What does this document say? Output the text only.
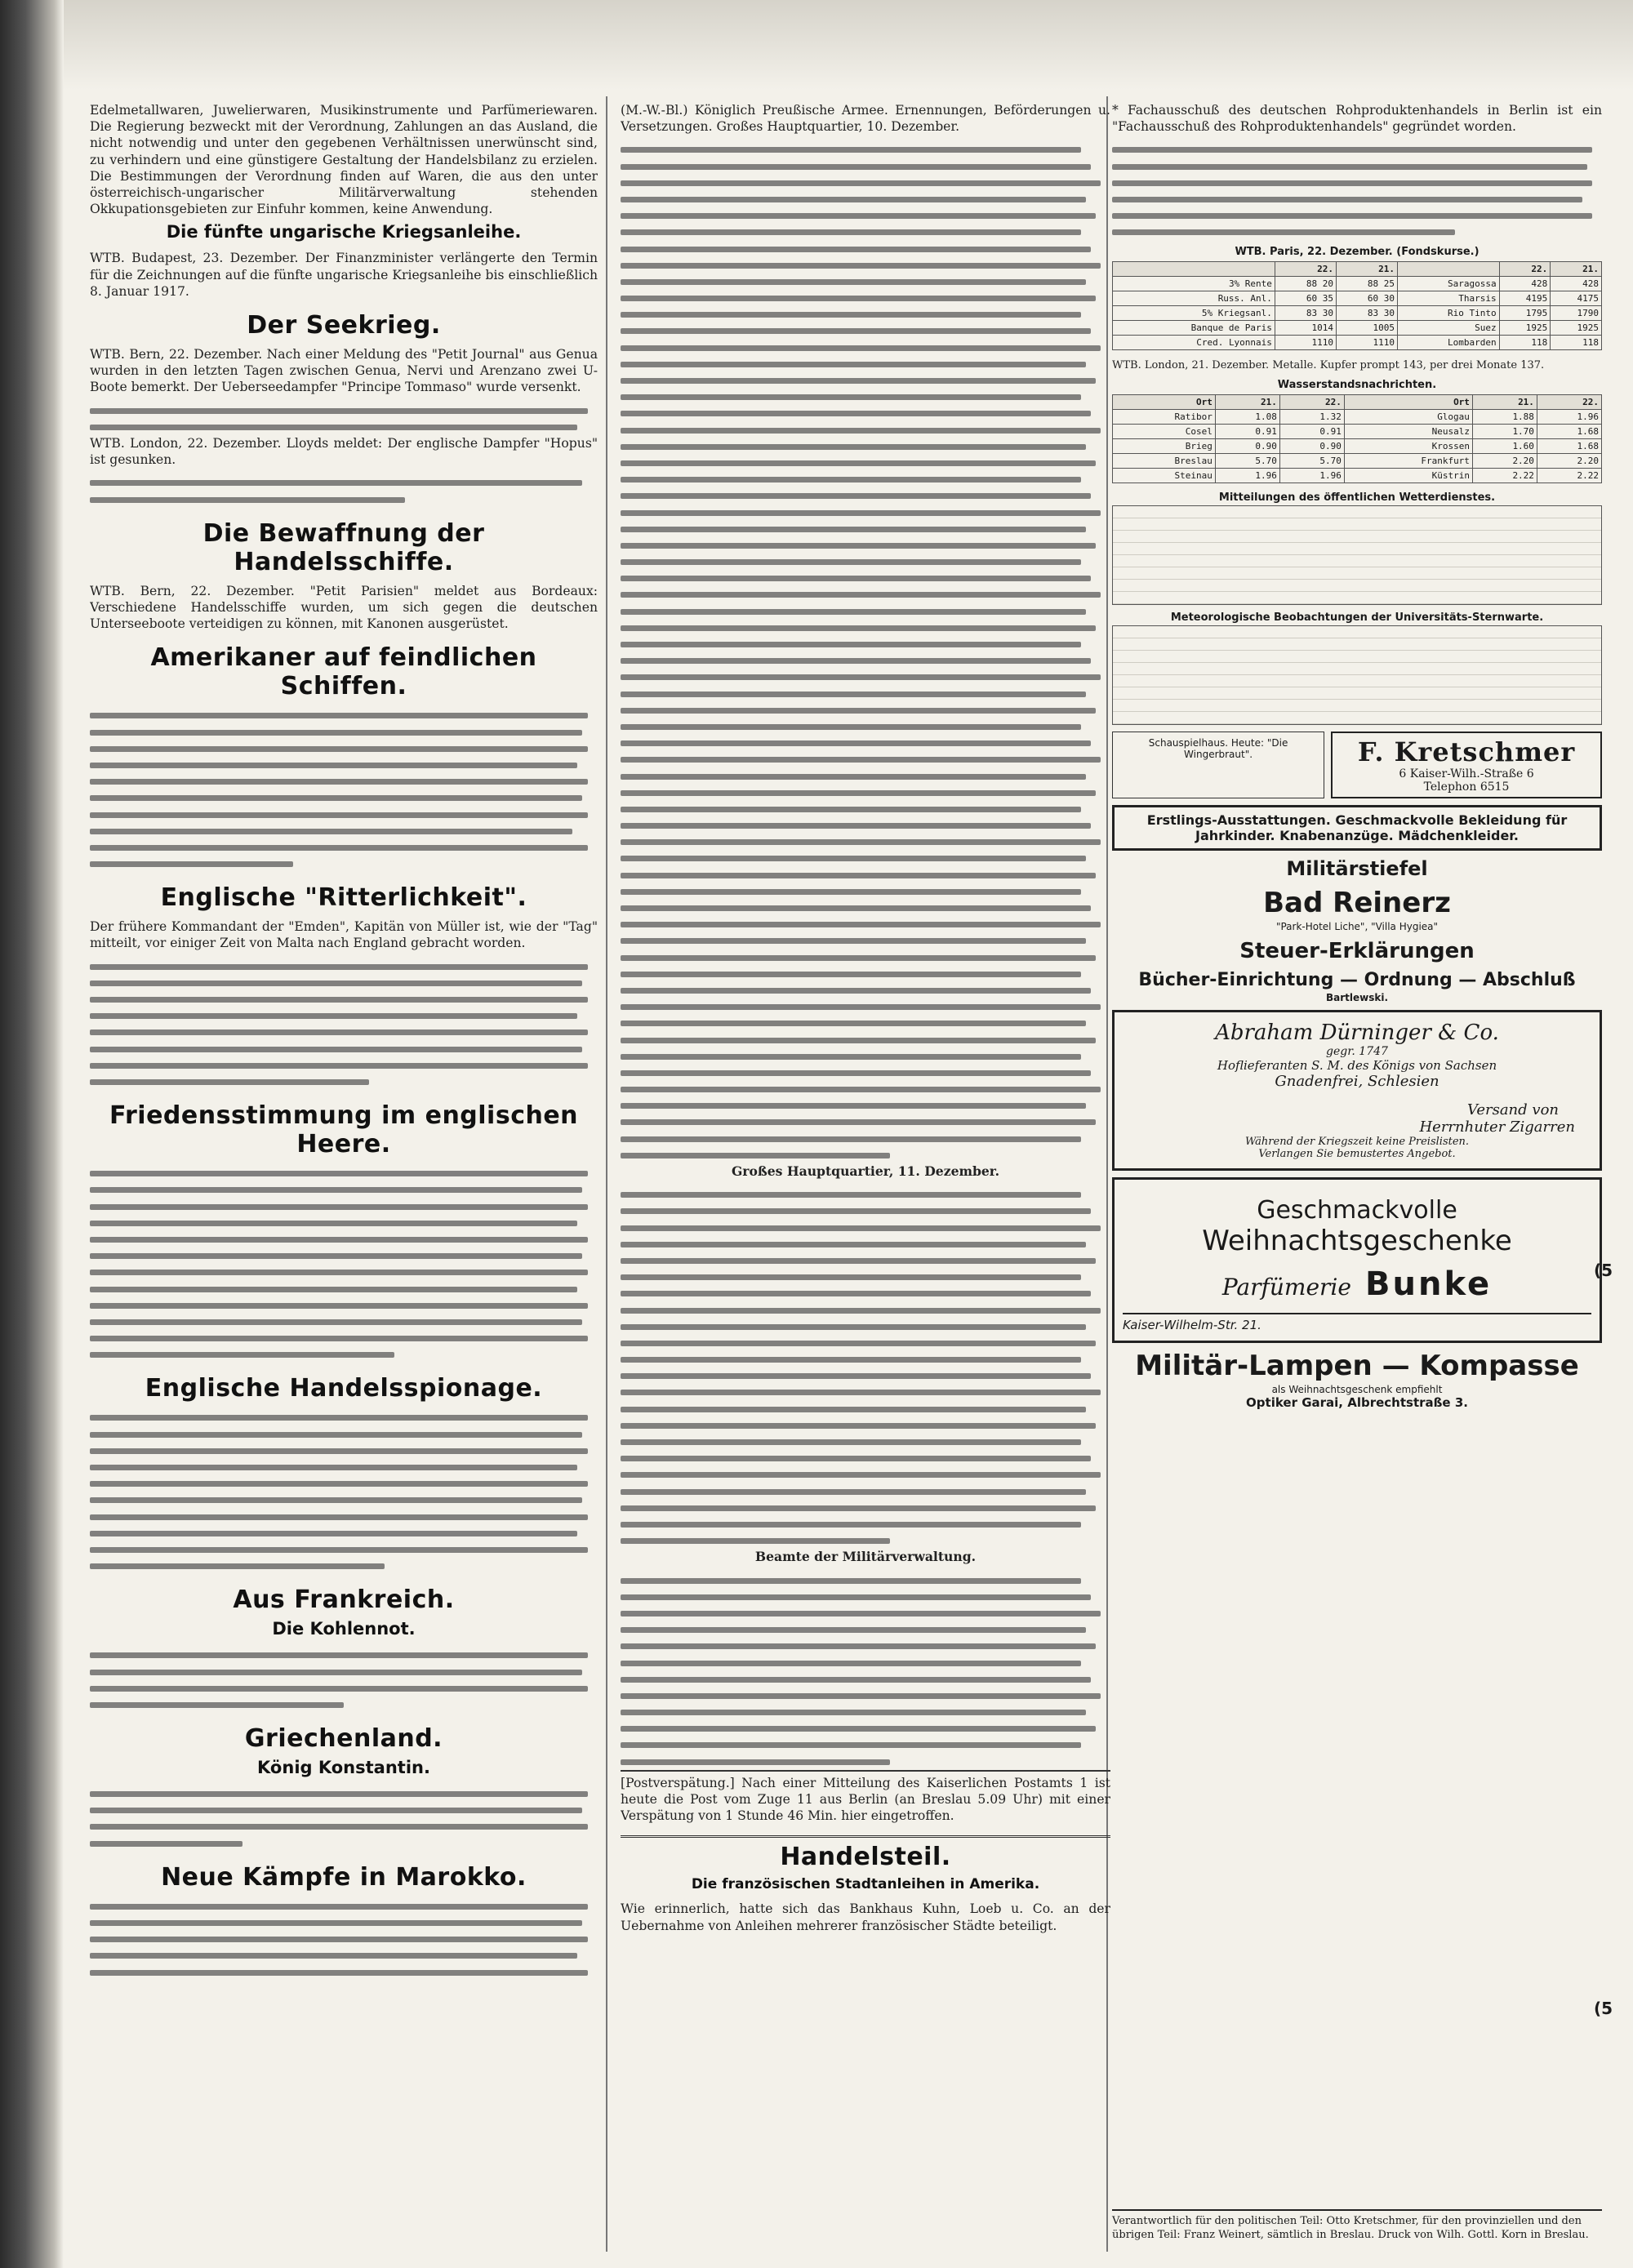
Edelmetallwaren, Juwelierwaren, Musikinstrumente und Parfümeriewaren. Die Regierung bezweckt mit der Verordnung, Zahlungen an das Ausland, die nicht notwendig und unter den gegebenen Verhältnissen unerwünscht sind, zu verhindern und eine günstigere Gestaltung der Handelsbilanz zu erzielen. Die Bestimmungen der Verordnung finden auf Waren, die aus den unter österreichisch-ungarischer Militärverwaltung stehenden Okkupationsgebieten zur Einfuhr kommen, keine Anwendung.

Die fünfte ungarische Kriegsanleihe.

WTB. Budapest, 23. Dezember. Der Finanzminister verlängerte den Termin für die Zeichnungen auf die fünfte ungarische Kriegsanleihe bis einschließlich 8. Januar 1917.

Der Seekrieg.

WTB. Bern, 22. Dezember. Nach einer Meldung des "Petit Journal" aus Genua wurden in den letzten Tagen zwischen Genua, Nervi und Arenzano zwei U-Boote bemerkt. Der Ueberseedampfer "Principe Tommaso" wurde versenkt.

WTB. London, 22. Dezember. Lloyds meldet: Der englische Dampfer "Hopus" ist gesunken.

Die Bewaffnung der Handelsschiffe.

WTB. Bern, 22. Dezember. "Petit Parisien" meldet aus Bordeaux: Verschiedene Handelsschiffe wurden, um sich gegen die deutschen Unterseeboote verteidigen zu können, mit Kanonen ausgerüstet.

Amerikaner auf feindlichen Schiffen.
Englische "Ritterlichkeit".

Der frühere Kommandant der "Emden", Kapitän von Müller ist, wie der "Tag" mitteilt, vor einiger Zeit von Malta nach England gebracht worden.

Friedensstimmung im englischen Heere.
Englische Handelsspionage.
Aus Frankreich.
Die Kohlennot.
Griechenland.
König Konstantin.
Neue Kämpfe in Marokko.

(M.-W.-Bl.) Königlich Preußische Armee. Ernennungen, Beförderungen u. Versetzungen. Großes Hauptquartier, 10. Dezember.

Großes Hauptquartier, 11. Dezember.

Beamte der Militärverwaltung.

[Postverspätung.] Nach einer Mitteilung des Kaiserlichen Postamts 1 ist heute die Post vom Zuge 11 aus Berlin (an Breslau 5.09 Uhr) mit einer Verspätung von 1 Stunde 46 Min. hier eingetroffen.

Handelsteil.
Die französischen Stadtanleihen in Amerika.

Wie erinnerlich, hatte sich das Bankhaus Kuhn, Loeb u. Co. an der Uebernahme von Anleihen mehrerer französischer Städte beteiligt.

* Fachausschuß des deutschen Rohproduktenhandels in Berlin ist ein "Fachausschuß des Rohproduktenhandels" gegründet worden.

WTB. Paris, 22. Dezember. (Fondskurse.)
	22.	21.		22.	21.
3% Rente	88 20	88 25	Saragossa	428	428
Russ. Anl.	60 35	60 30	Tharsis	4195	4175
5% Kriegsanl.	83 30	83 30	Rio Tinto	1795	1790
Banque de Paris	1014	1005	Suez	1925	1925
Cred. Lyonnais	1110	1110	Lombarden	118	118

WTB. London, 21. Dezember. Metalle. Kupfer prompt 143, per drei Monate 137.

Wasserstandsnachrichten.
Ort	21.	22.	Ort	21.	22.
Ratibor	1.08	1.32	Glogau	1.88	1.96
Cosel	0.91	0.91	Neusalz	1.70	1.68
Brieg	0.90	0.90	Krossen	1.60	1.68
Breslau	5.70	5.70	Frankfurt	2.20	2.20
Steinau	1.96	1.96	Küstrin	2.22	2.22
Mitteilungen des öffentlichen Wetterdienstes.
Meteorologische Beobachtungen der Universitäts-Sternwarte.
Schauspielhaus. Heute: "Die Wingerbraut".	F. Kretschmer
6 Kaiser-Wilh.-Straße 6
Telephon 6515
Erstlings-Ausstattungen. Geschmackvolle Bekleidung für Jahrkinder. Knabenanzüge. Mädchenkleider.
Militärstiefel
Bad Reinerz
"Park-Hotel Liche", "Villa Hygiea"
Steuer-Erklärungen
Bücher-Einrichtung — Ordnung — Abschluß
Bartlewski.
Abraham Dürninger & Co.
gegr. 1747
Hoflieferanten S. M. des Königs von Sachsen
Gnadenfrei, Schlesien
Versand von
Herrnhuter Zigarren
Während der Kriegszeit keine Preislisten.
Verlangen Sie bemustertes Angebot.
Geschmackvolle
Weihnachtsgeschenke
Parfümerie Bunke
Kaiser-Wilhelm-Str. 21.
Militär-Lampen — Kompasse
als Weihnachtsgeschenk empfiehlt
Optiker Garai, Albrechtstraße 3.
Verantwortlich für den politischen Teil: Otto Kretschmer, für den provinziellen und den übrigen Teil: Franz Weinert, sämtlich in Breslau. Druck von Wilh. Gottl. Korn in Breslau.
(5
(5
